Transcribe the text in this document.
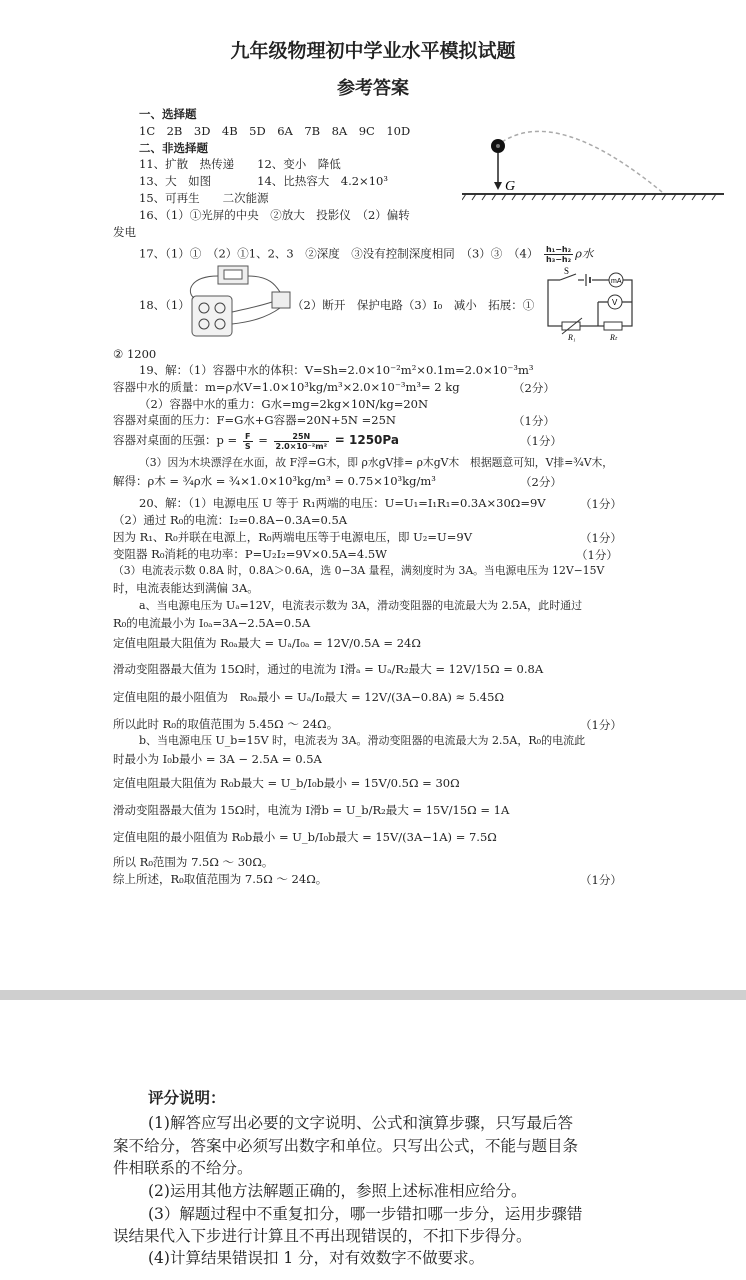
九年级物理初中学业水平模拟试题
参考答案
一、选择题
1C　2B　3D　4B　5D　6A　7B　8A　9C　10D
二、非选择题
11、扩散　热传递　　12、变小　降低
13、大　如图　　　　14、比热容大　4.2×10³
15、可再生　　二次能源
16、（1）①光屏的中央　②放大　投影仪　（2）偏转
发电
G
17、（1）①　（2）①1、2、3　②深度　③没有控制深度相同　（3）③　$(4) \frac{\text{h₁−h₂}}{\text{h₃−h₂}}$ ρ水
18、（1）	（2）断开　保护电路（3）I₀　减小　拓展：①
S
mA
V
R₁	Rₜ
② 1200
19、解：（1）容器中水的体积：V=Sh=2.0×10⁻²m²×0.1m=2.0×10⁻³m³
容器中水的质量：m=ρ水V=1.0×10³kg/m³×2.0×10⁻³m³= 2 kg	（2分）
（2）容器中水的重力：G水=mg=2kg×10N/kg=20N
容器对桌面的压力：F=G水+G容器=20N+5N =25N	（1分）
容器对桌面的压强：$p = \frac{F}{S} = \frac{25N}{\text{2.0×10⁻²m²}} = 1250Pa$	（1分）
（3）因为木块漂浮在水面，故 F浮=G木，即 ρ水gV排= ρ木gV木　根据题意可知，V排=¾V木，
解得：ρ木 = ¾ρ水 = ¾×1.0×10³kg/m³ = 0.75×10³kg/m³	（2分）
20、解：（1）电源电压 U 等于 R₁两端的电压：U=U₁=I₁R₁=0.3A×30Ω=9V	（1分）
（2）通过 R₀的电流：I₂=0.8A−0.3A=0.5A
因为 R₁、R₀并联在电源上，R₀两端电压等于电源电压，即 U₂=U=9V	（1分）
变阻器 R₀消耗的电功率：P=U₂I₂=9V×0.5A=4.5W	（1分）
（3）电流表示数 0.8A 时，0.8A＞0.6A，选 0−3A 量程，满刻度时为 3A。当电源电压为 12V−15V
时，电流表能达到满偏 3A。
a、当电源电压为 Uₐ=12V，电流表示数为 3A，滑动变阻器的电流最大为 2.5A，此时通过
R₀的电流最小为 I₀ₐ=3A−2.5A=0.5A
定值电阻最大阻值为 R₀ₐ最大 = Uₐ/I₀ₐ = 12V/0.5A = 24Ω
滑动变阻器最大值为 15Ω时，通过的电流为 I滑ₐ = Uₐ/R₂最大 = 12V/15Ω = 0.8A
定值电阻的最小阻值为　R₀ₐ最小 = Uₐ/I₀最大 = 12V/(3A−0.8A) ≈ 5.45Ω
所以此时 R₀的取值范围为 5.45Ω ～ 24Ω。	（1分）
b、当电源电压 U_b=15V 时，电流表为 3A。滑动变阻器的电流最大为 2.5A，R₀的电流此
时最小为 I₀b最小 = 3A − 2.5A = 0.5A
定值电阻最大阻值为 R₀b最大 = U_b/I₀b最小 = 15V/0.5Ω = 30Ω
滑动变阻器最大值为 15Ω时，电流为 I滑b = U_b/R₂最大 = 15V/15Ω = 1A
定值电阻的最小阻值为 R₀b最小 = U_b/I₀b最大 = 15V/(3A−1A) = 7.5Ω
所以 R₀范围为 7.5Ω ～ 30Ω。
综上所述，R₀取值范围为 7.5Ω ～ 24Ω。	（1分）
评分说明：
(1)解答应写出必要的文字说明、公式和演算步骤，只写最后答
案不给分，答案中必须写出数字和单位。只写出公式，不能与题目条
件相联系的不给分。
(2)运用其他方法解题正确的，参照上述标准相应给分。
(3）解题过程中不重复扣分，哪一步错扣哪一步分，运用步骤错
误结果代入下步进行计算且不再出现错误的，不扣下步得分。
(4)计算结果错误扣 1 分，对有效数字不做要求。
